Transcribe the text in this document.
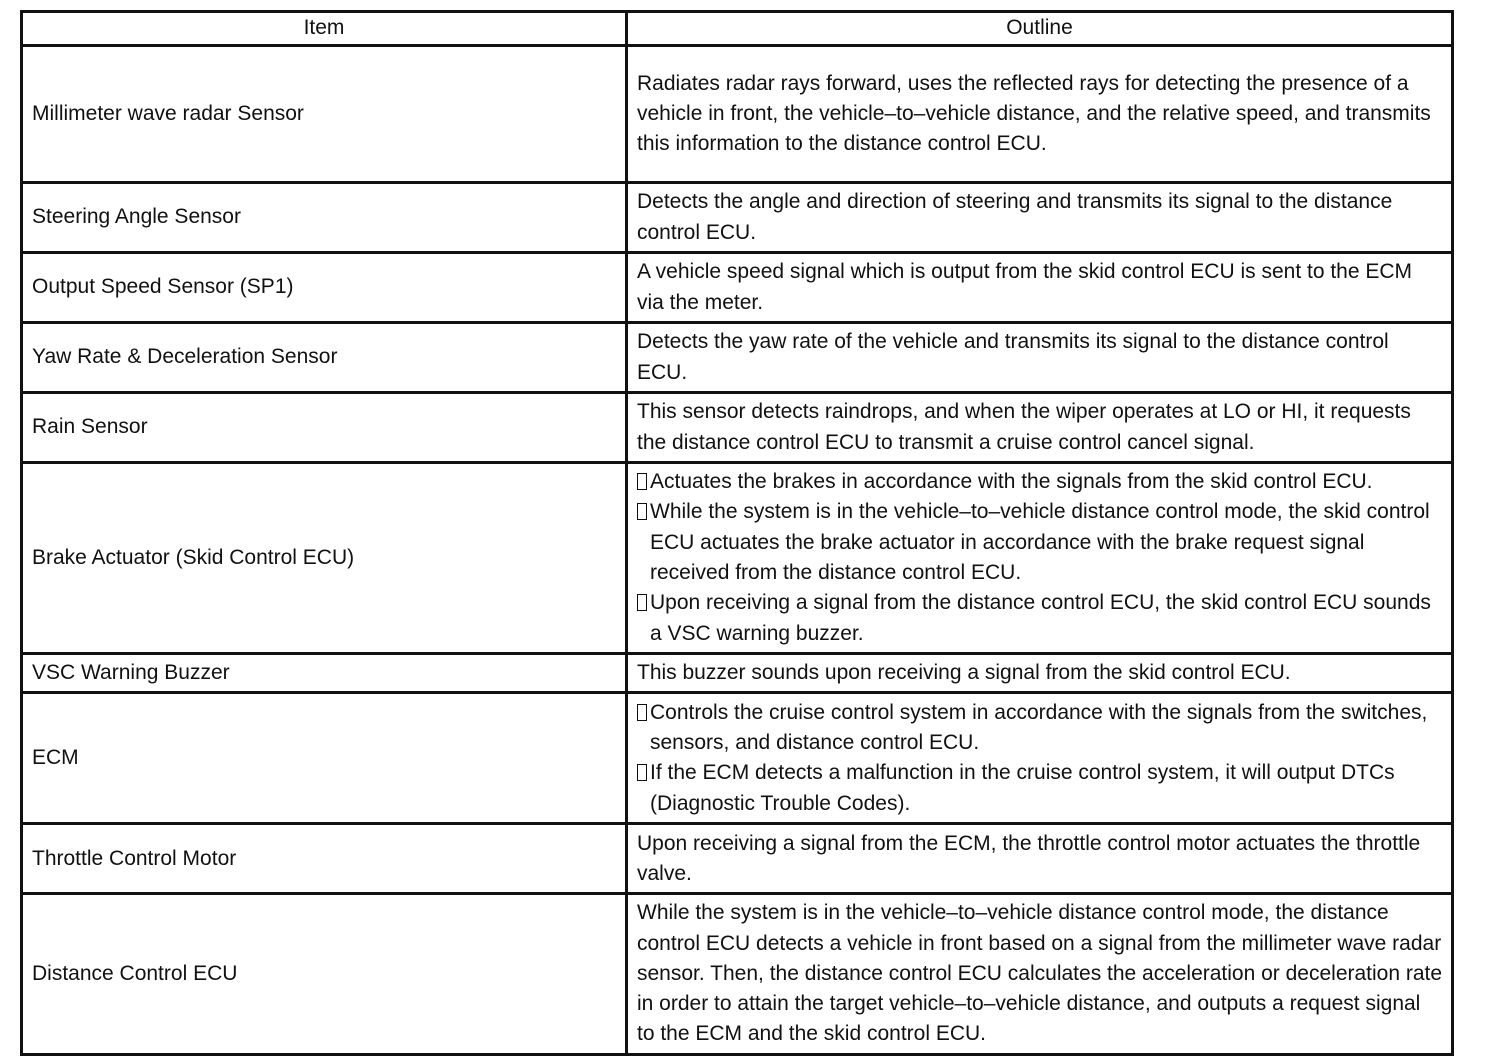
Item	Outline
Millimeter wave radar Sensor	Radiates radar rays forward, uses the reflected rays for detecting the presence of a vehicle in front, the vehicle–to–vehicle distance, and the relative speed, and transmits this information to the distance control ECU.

Steering Angle Sensor	Detects the angle and direction of steering and transmits its signal to the distance control ECU.

Output Speed Sensor (SP1)	A vehicle speed signal which is output from the skid control ECU is sent to the ECM via the meter.

Yaw Rate & Deceleration Sensor	Detects the yaw rate of the vehicle and transmits its signal to the distance control ECU.

Rain Sensor	This sensor detects raindrops, and when the wiper operates at LO or HI, it requests the distance control ECU to transmit a cruise control cancel signal.

Brake Actuator (Skid Control ECU)	Actuates the brakes in accordance with the signals from the skid control ECU.
While the system is in the vehicle–to–vehicle distance control mode, the skid control ECU actuates the brake actuator in accordance with the brake request signal received from the distance control ECU.
Upon receiving a signal from the distance control ECU, the skid control ECU sounds a VSC warning buzzer.

VSC Warning Buzzer	This buzzer sounds upon receiving a signal from the skid control ECU.

ECM	Controls the cruise control system in accordance with the signals from the switches, sensors, and distance control ECU.
If the ECM detects a malfunction in the cruise control system, it will output DTCs (Diagnostic Trouble Codes).

Throttle Control Motor	Upon receiving a signal from the ECM, the throttle control motor actuates the throttle valve.

Distance Control ECU	While the system is in the vehicle–to–vehicle distance control mode, the distance control ECU detects a vehicle in front based on a signal from the millimeter wave radar sensor. Then, the distance control ECU calculates the acceleration or deceleration rate in order to attain the target vehicle–to–vehicle distance, and outputs a request signal to the ECM and the skid control ECU.
